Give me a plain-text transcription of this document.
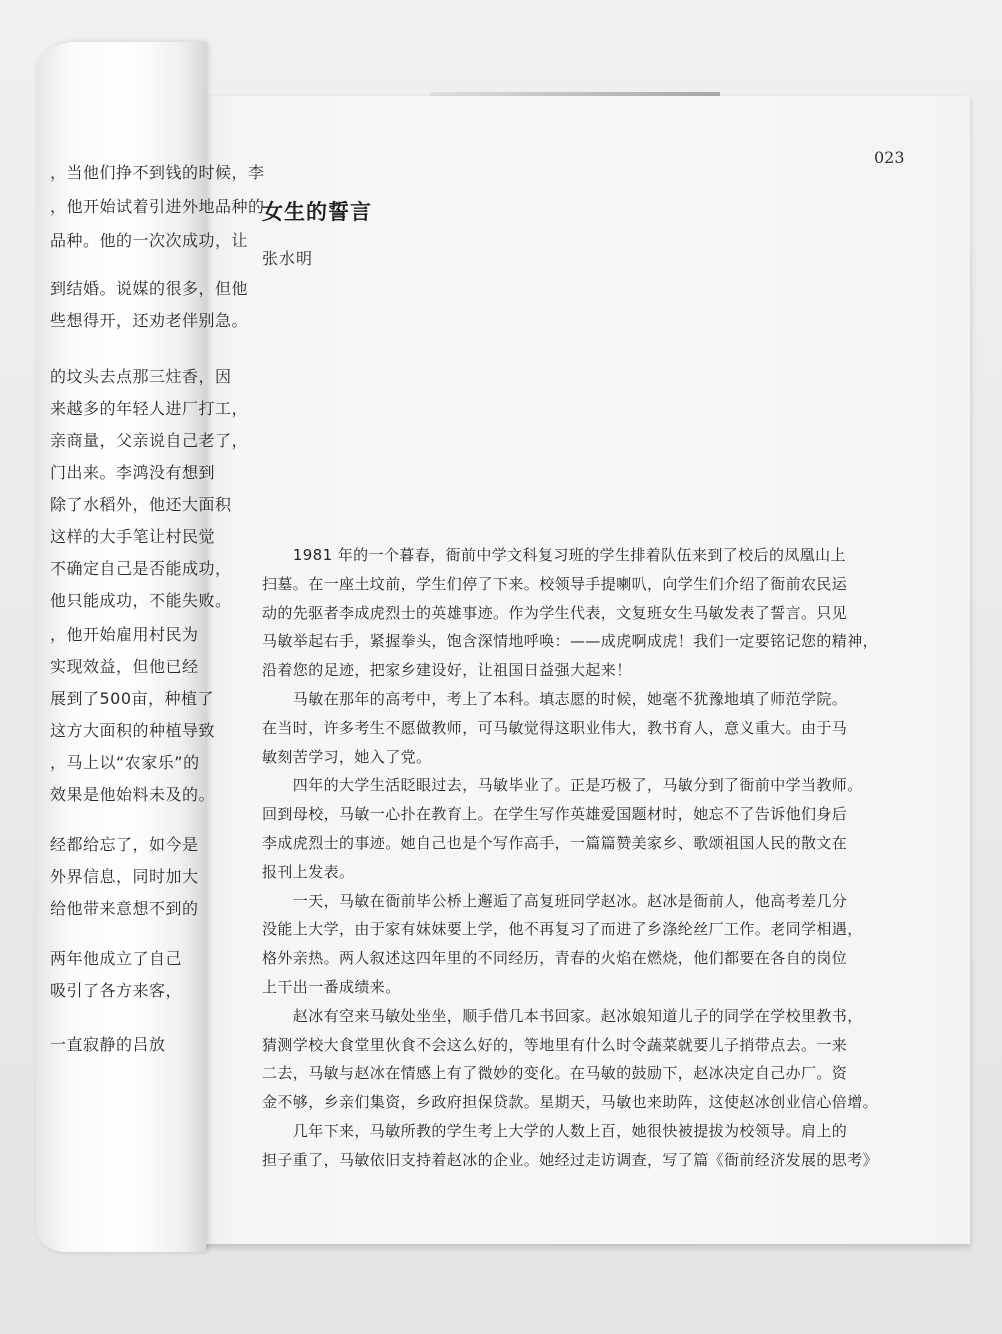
，当他们挣不到钱的时候，李
，他开始试着引进外地品种的
品种。他的一次次成功，让
到结婚。说媒的很多，但他
些想得开，还劝老伴别急。
的坟头去点那三炷香，因
来越多的年轻人进厂打工，
亲商量，父亲说自己老了，
门出来。李鸿没有想到
除了水稻外，他还大面积
这样的大手笔让村民觉
不确定自己是否能成功，
他只能成功，不能失败。
，他开始雇用村民为
实现效益，但他已经
展到了500亩，种植了
这方大面积的种植导致
，马上以“农家乐”的
效果是他始料未及的。
经都给忘了，如今是
外界信息，同时加大
给他带来意想不到的
两年他成立了自己
吸引了各方来客，
一直寂静的吕放
023
女生的誓言
张水明
　　1981 年的一个暮春，衙前中学文科复习班的学生排着队伍来到了校后的凤凰山上
扫墓。在一座土坟前，学生们停了下来。校领导手提喇叭，向学生们介绍了衙前农民运
动的先驱者李成虎烈士的英雄事迹。作为学生代表，文复班女生马敏发表了誓言。只见
马敏举起右手，紧握拳头，饱含深情地呼唤：——成虎啊成虎！我们一定要铭记您的精神，
沿着您的足迹，把家乡建设好，让祖国日益强大起来！
　　马敏在那年的高考中，考上了本科。填志愿的时候，她毫不犹豫地填了师范学院。
在当时，许多考生不愿做教师，可马敏觉得这职业伟大，教书育人，意义重大。由于马
敏刻苦学习，她入了党。
　　四年的大学生活眨眼过去，马敏毕业了。正是巧极了，马敏分到了衙前中学当教师。
回到母校，马敏一心扑在教育上。在学生写作英雄爱国题材时，她忘不了告诉他们身后
李成虎烈士的事迹。她自己也是个写作高手，一篇篇赞美家乡、歌颂祖国人民的散文在
报刊上发表。
　　一天，马敏在衙前毕公桥上邂逅了高复班同学赵冰。赵冰是衙前人，他高考差几分
没能上大学，由于家有妹妹要上学，他不再复习了而进了乡涤纶丝厂工作。老同学相遇，
格外亲热。两人叙述这四年里的不同经历，青春的火焰在燃烧，他们都要在各自的岗位
上干出一番成绩来。
　　赵冰有空来马敏处坐坐，顺手借几本书回家。赵冰娘知道儿子的同学在学校里教书，
猜测学校大食堂里伙食不会这么好的，等地里有什么时令蔬菜就要儿子捎带点去。一来
二去，马敏与赵冰在情感上有了微妙的变化。在马敏的鼓励下，赵冰决定自己办厂。资
金不够，乡亲们集资，乡政府担保贷款。星期天，马敏也来助阵，这使赵冰创业信心倍增。
　　几年下来，马敏所教的学生考上大学的人数上百，她很快被提拔为校领导。肩上的
担子重了，马敏依旧支持着赵冰的企业。她经过走访调查，写了篇《衙前经济发展的思考》
